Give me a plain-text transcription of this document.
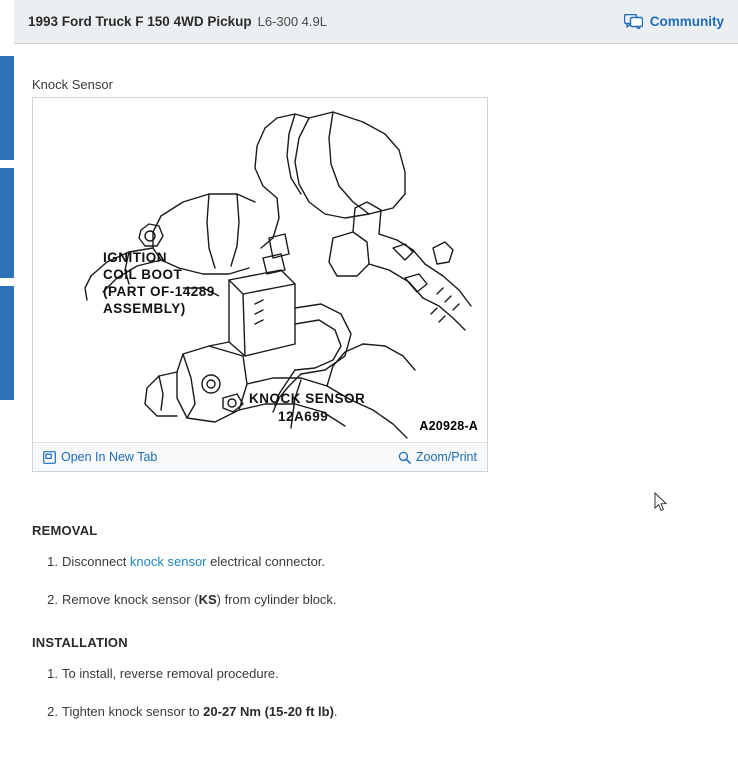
1993 Ford Truck F 150 4WD Pickup L6-300 4.9L	Community
Knock Sensor
IGNITION
COIL BOOT
(PART OF-14289
ASSEMBLY)
KNOCK SENSOR
12A699
A20928-A
Open In New Tab	Zoom/Print
REMOVAL
1. Disconnect knock sensor electrical connector.
2. Remove knock sensor (KS) from cylinder block.
INSTALLATION
1. To install, reverse removal procedure.
2. Tighten knock sensor to 20-27 Nm (15-20 ft lb).
